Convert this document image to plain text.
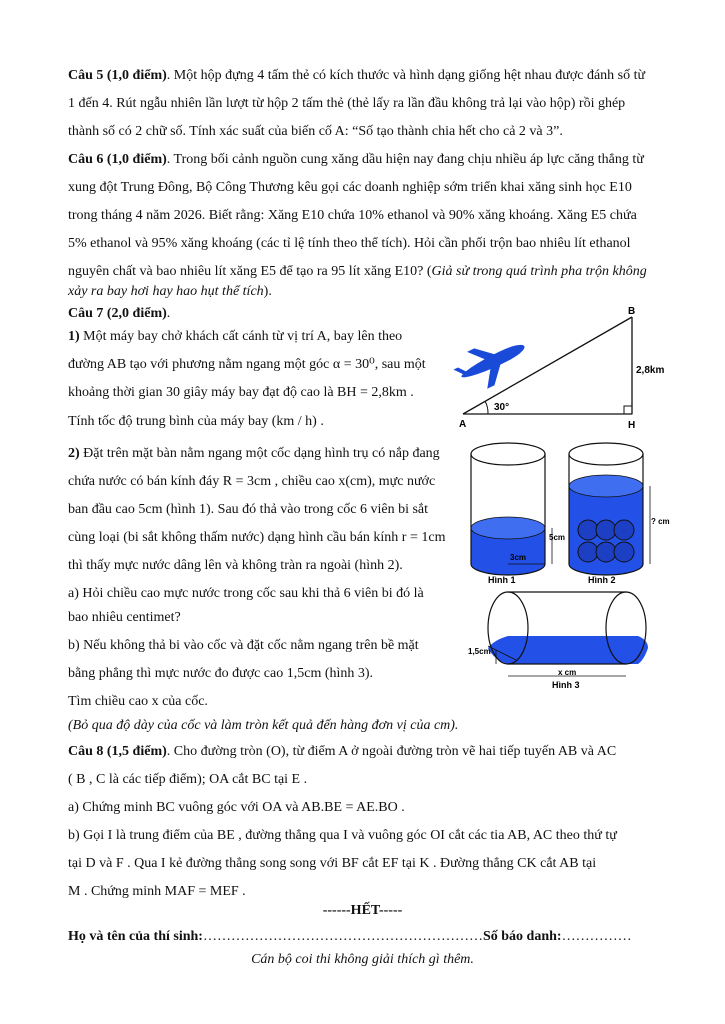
Câu 5 (1,0 điểm). Một hộp đựng 4 tấm thẻ có kích thước và hình dạng giống hệt nhau được đánh số từ
1 đến 4. Rút ngẫu nhiên lần lượt từ hộp 2 tấm thẻ (thẻ lấy ra lần đầu không trả lại vào hộp) rồi ghép
thành số có 2 chữ số. Tính xác suất của biến cố A: “Số tạo thành chia hết cho cả 2 và 3”.
Câu 6 (1,0 điểm). Trong bối cảnh nguồn cung xăng dầu hiện nay đang chịu nhiều áp lực căng thẳng từ
xung đột Trung Đông, Bộ Công Thương kêu gọi các doanh nghiệp sớm triển khai xăng sinh học E10
trong tháng 4 năm 2026. Biết rằng: Xăng E10 chứa 10% ethanol và 90% xăng khoáng. Xăng E5 chứa
5% ethanol và 95% xăng khoáng (các tỉ lệ tính theo thể tích). Hỏi cần phối trộn bao nhiêu lít ethanol
nguyên chất và bao nhiêu lít xăng E5 để tạo ra 95 lít xăng E10? (Giả sử trong quá trình pha trộn không
xảy ra bay hơi hay hao hụt thể tích).
Câu 7 (2,0 điểm).
1) Một máy bay chở khách cất cánh từ vị trí A, bay lên theo
đường AB tạo với phương nằm ngang một góc α = 30⁰, sau một
khoảng thời gian 30 giây máy bay đạt độ cao là BH = 2,8km .
Tính tốc độ trung bình của máy bay (km / h) .
2) Đặt trên mặt bàn nằm ngang một cốc dạng hình trụ có nắp đang
chứa nước có bán kính đáy R = 3cm , chiều cao x(cm), mực nước
ban đầu cao 5cm (hình 1). Sau đó thả vào trong cốc 6 viên bi sắt
cùng loại (bi sắt không thấm nước) dạng hình cầu bán kính r = 1cm
thì thấy mực nước dâng lên và không tràn ra ngoài (hình 2).
a) Hỏi chiều cao mực nước trong cốc sau khi thả 6 viên bi đó là
bao nhiêu centimet?
b) Nếu không thả bi vào cốc và đặt cốc nằm ngang trên bề mặt
bằng phẳng thì mực nước đo được cao 1,5cm (hình 3).
Tìm chiều cao x của cốc.
(Bỏ qua độ dày của cốc và làm tròn kết quả đến hàng đơn vị của cm).
Câu 8 (1,5 điểm). Cho đường tròn (O), từ điểm A ở ngoài đường tròn vẽ hai tiếp tuyến AB và AC
( B , C là các tiếp điểm); OA cắt BC tại E .
a) Chứng minh BC vuông góc với OA và AB.BE = AE.BO .
b) Gọi I là trung điểm của BE , đường thẳng qua I và vuông góc OI cắt các tia AB, AC theo thứ tự
tại D và F . Qua I kẻ đường thẳng song song với BF cắt EF tại K . Đường thẳng CK cắt AB tại
M . Chứng minh MAF = MEF .
------HẾT-----
Họ và tên của thí sinh:……………………………………………………Số báo danh:……………
Cán bộ coi thi không giải thích gì thêm.
30°
B
A	H
2,8km
3cm
5cm
? cm
Hình 1	Hình 2
1,5cm
x cm
Hình 3
